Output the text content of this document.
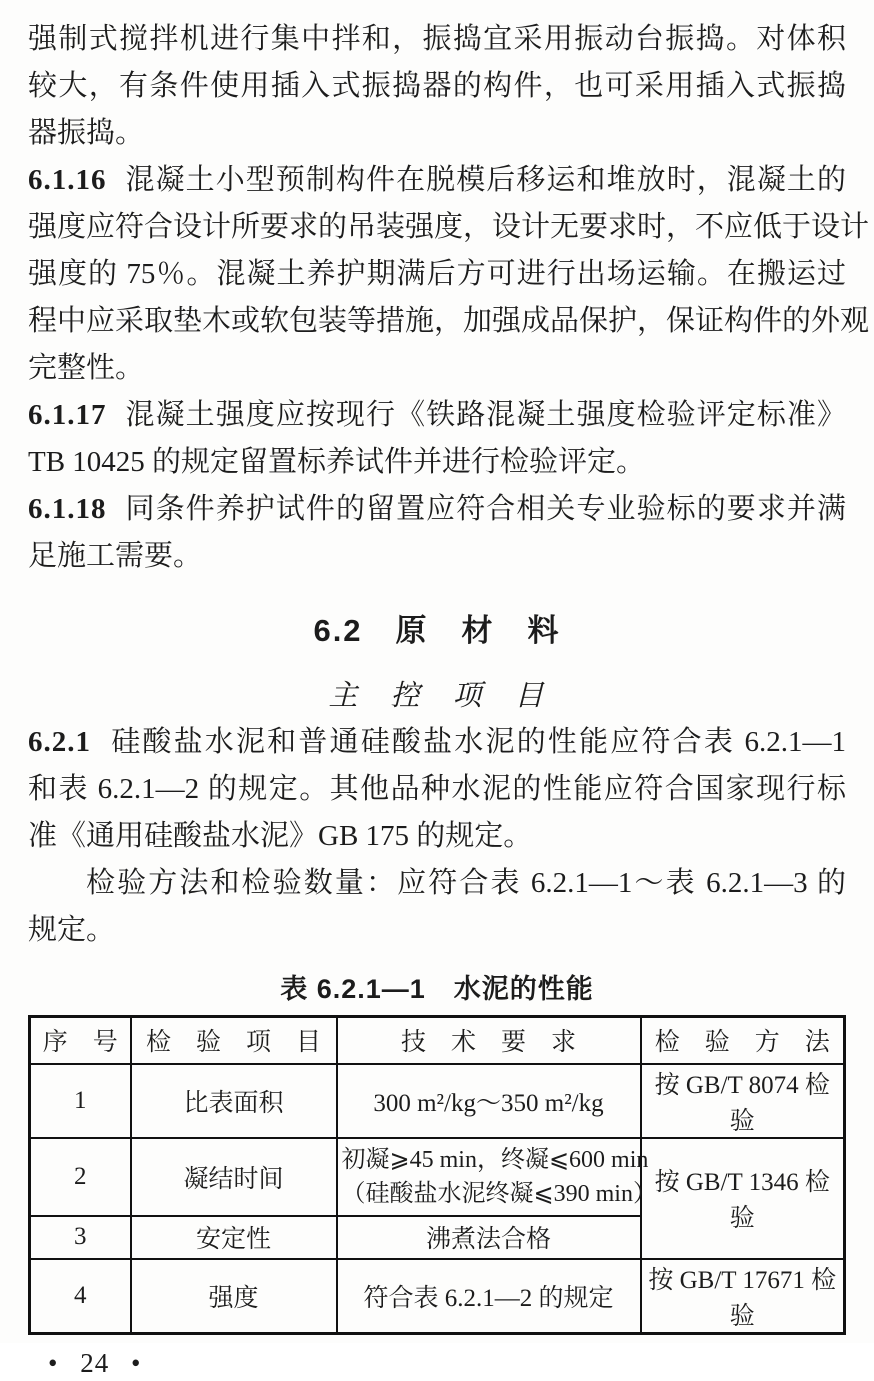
强制式搅拌机进行集中拌和，振捣宜采用振动台振捣。对体积
较大，有条件使用插入式振捣器的构件，也可采用插入式振捣
器振捣。
6.1.16 混凝土小型预制构件在脱模后移运和堆放时，混凝土的
强度应符合设计所要求的吊装强度，设计无要求时，不应低于设计
强度的 75％。混凝土养护期满后方可进行出场运输。在搬运过
程中应采取垫木或软包装等措施，加强成品保护，保证构件的外观
完整性。
6.1.17 混凝土强度应按现行《铁路混凝土强度检验评定标准》
TB 10425 的规定留置标养试件并进行检验评定。
6.1.18 同条件养护试件的留置应符合相关专业验标的要求并满
足施工需要。
6.2　原　材　料
主　控　项　目
6.2.1 硅酸盐水泥和普通硅酸盐水泥的性能应符合表 6.2.1—1
和表 6.2.1—2 的规定。其他品种水泥的性能应符合国家现行标
准《通用硅酸盐水泥》GB 175 的规定。
检验方法和检验数量：应符合表 6.2.1—1～表 6.2.1—3 的
规定。
表 6.2.1—1　水泥的性能
序　号	检　验　项　目	技　术　要　求	检　验　方　法
1	比表面积	300 m²/kg～350 m²/kg	按 GB/T 8074 检验
2	凝结时间	初凝⩾45 min，终凝⩽600 min
（硅酸盐水泥终凝⩽390 min）	按 GB/T 1346 检验
3	安定性	沸煮法合格	
4	强度	符合表 6.2.1—2 的规定	按 GB/T 17671 检验
• 24 •
